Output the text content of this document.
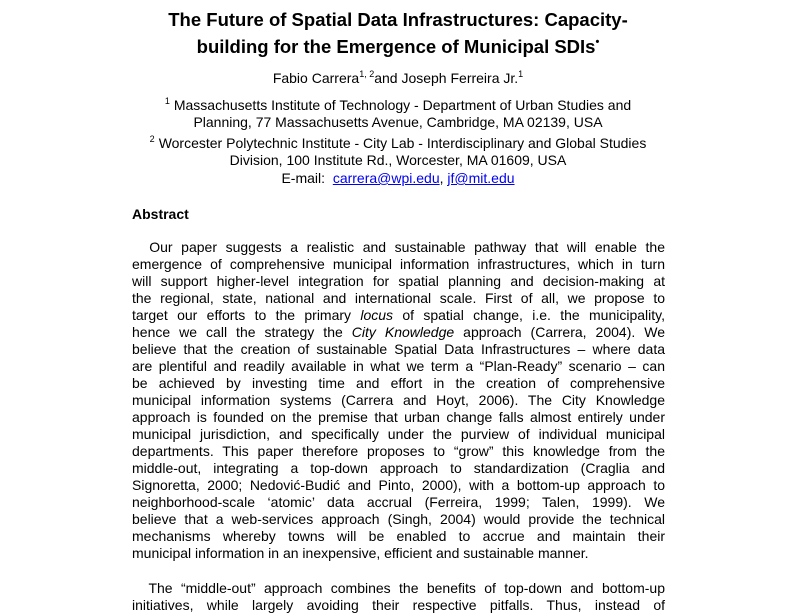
The Future of Spatial Data Infrastructures: Capacity-
building for the Emergence of Municipal SDIs•
Fabio Carrera$^{1, 2}$and Joseph Ferreira Jr.$^1$
$^1$ Massachusetts Institute of Technology - Department of Urban Studies and
Planning, 77 Massachusetts Avenue, Cambridge, MA 02139, USA
$^2$ Worcester Polytechnic Institute - City Lab - Interdisciplinary and Global Studies
Division, 100 Institute Rd., Worcester, MA 01609, USA
E-mail: carrera@wpi.edu, jf@mit.edu
Abstract
Our paper suggests a realistic and sustainable pathway that will enable the
emergence of comprehensive municipal information infrastructures, which in turn
will support higher-level integration for spatial planning and decision-making at
the regional, state, national and international scale. First of all, we propose to
target our efforts to the primary locus of spatial change, i.e. the municipality,
hence we call the strategy the City Knowledge approach (Carrera, 2004). We
believe that the creation of sustainable Spatial Data Infrastructures – where data
are plentiful and readily available in what we term a “Plan-Ready” scenario – can
be achieved by investing time and effort in the creation of comprehensive
municipal information systems (Carrera and Hoyt, 2006). The City Knowledge
approach is founded on the premise that urban change falls almost entirely under
municipal jurisdiction, and specifically under the purview of individual municipal
departments. This paper therefore proposes to “grow” this knowledge from the
middle-out, integrating a top-down approach to standardization (Craglia and
Signoretta, 2000; Nedović-Budić and Pinto, 2000), with a bottom-up approach to
neighborhood-scale ‘atomic’ data accrual (Ferreira, 1999; Talen, 1999). We
believe that a web-services approach (Singh, 2004) would provide the technical
mechanisms whereby towns will be enabled to accrue and maintain their
municipal information in an inexpensive, efficient and sustainable manner.
The “middle-out” approach combines the benefits of top-down and bottom-up
initiatives, while largely avoiding their respective pitfalls. Thus, instead of
